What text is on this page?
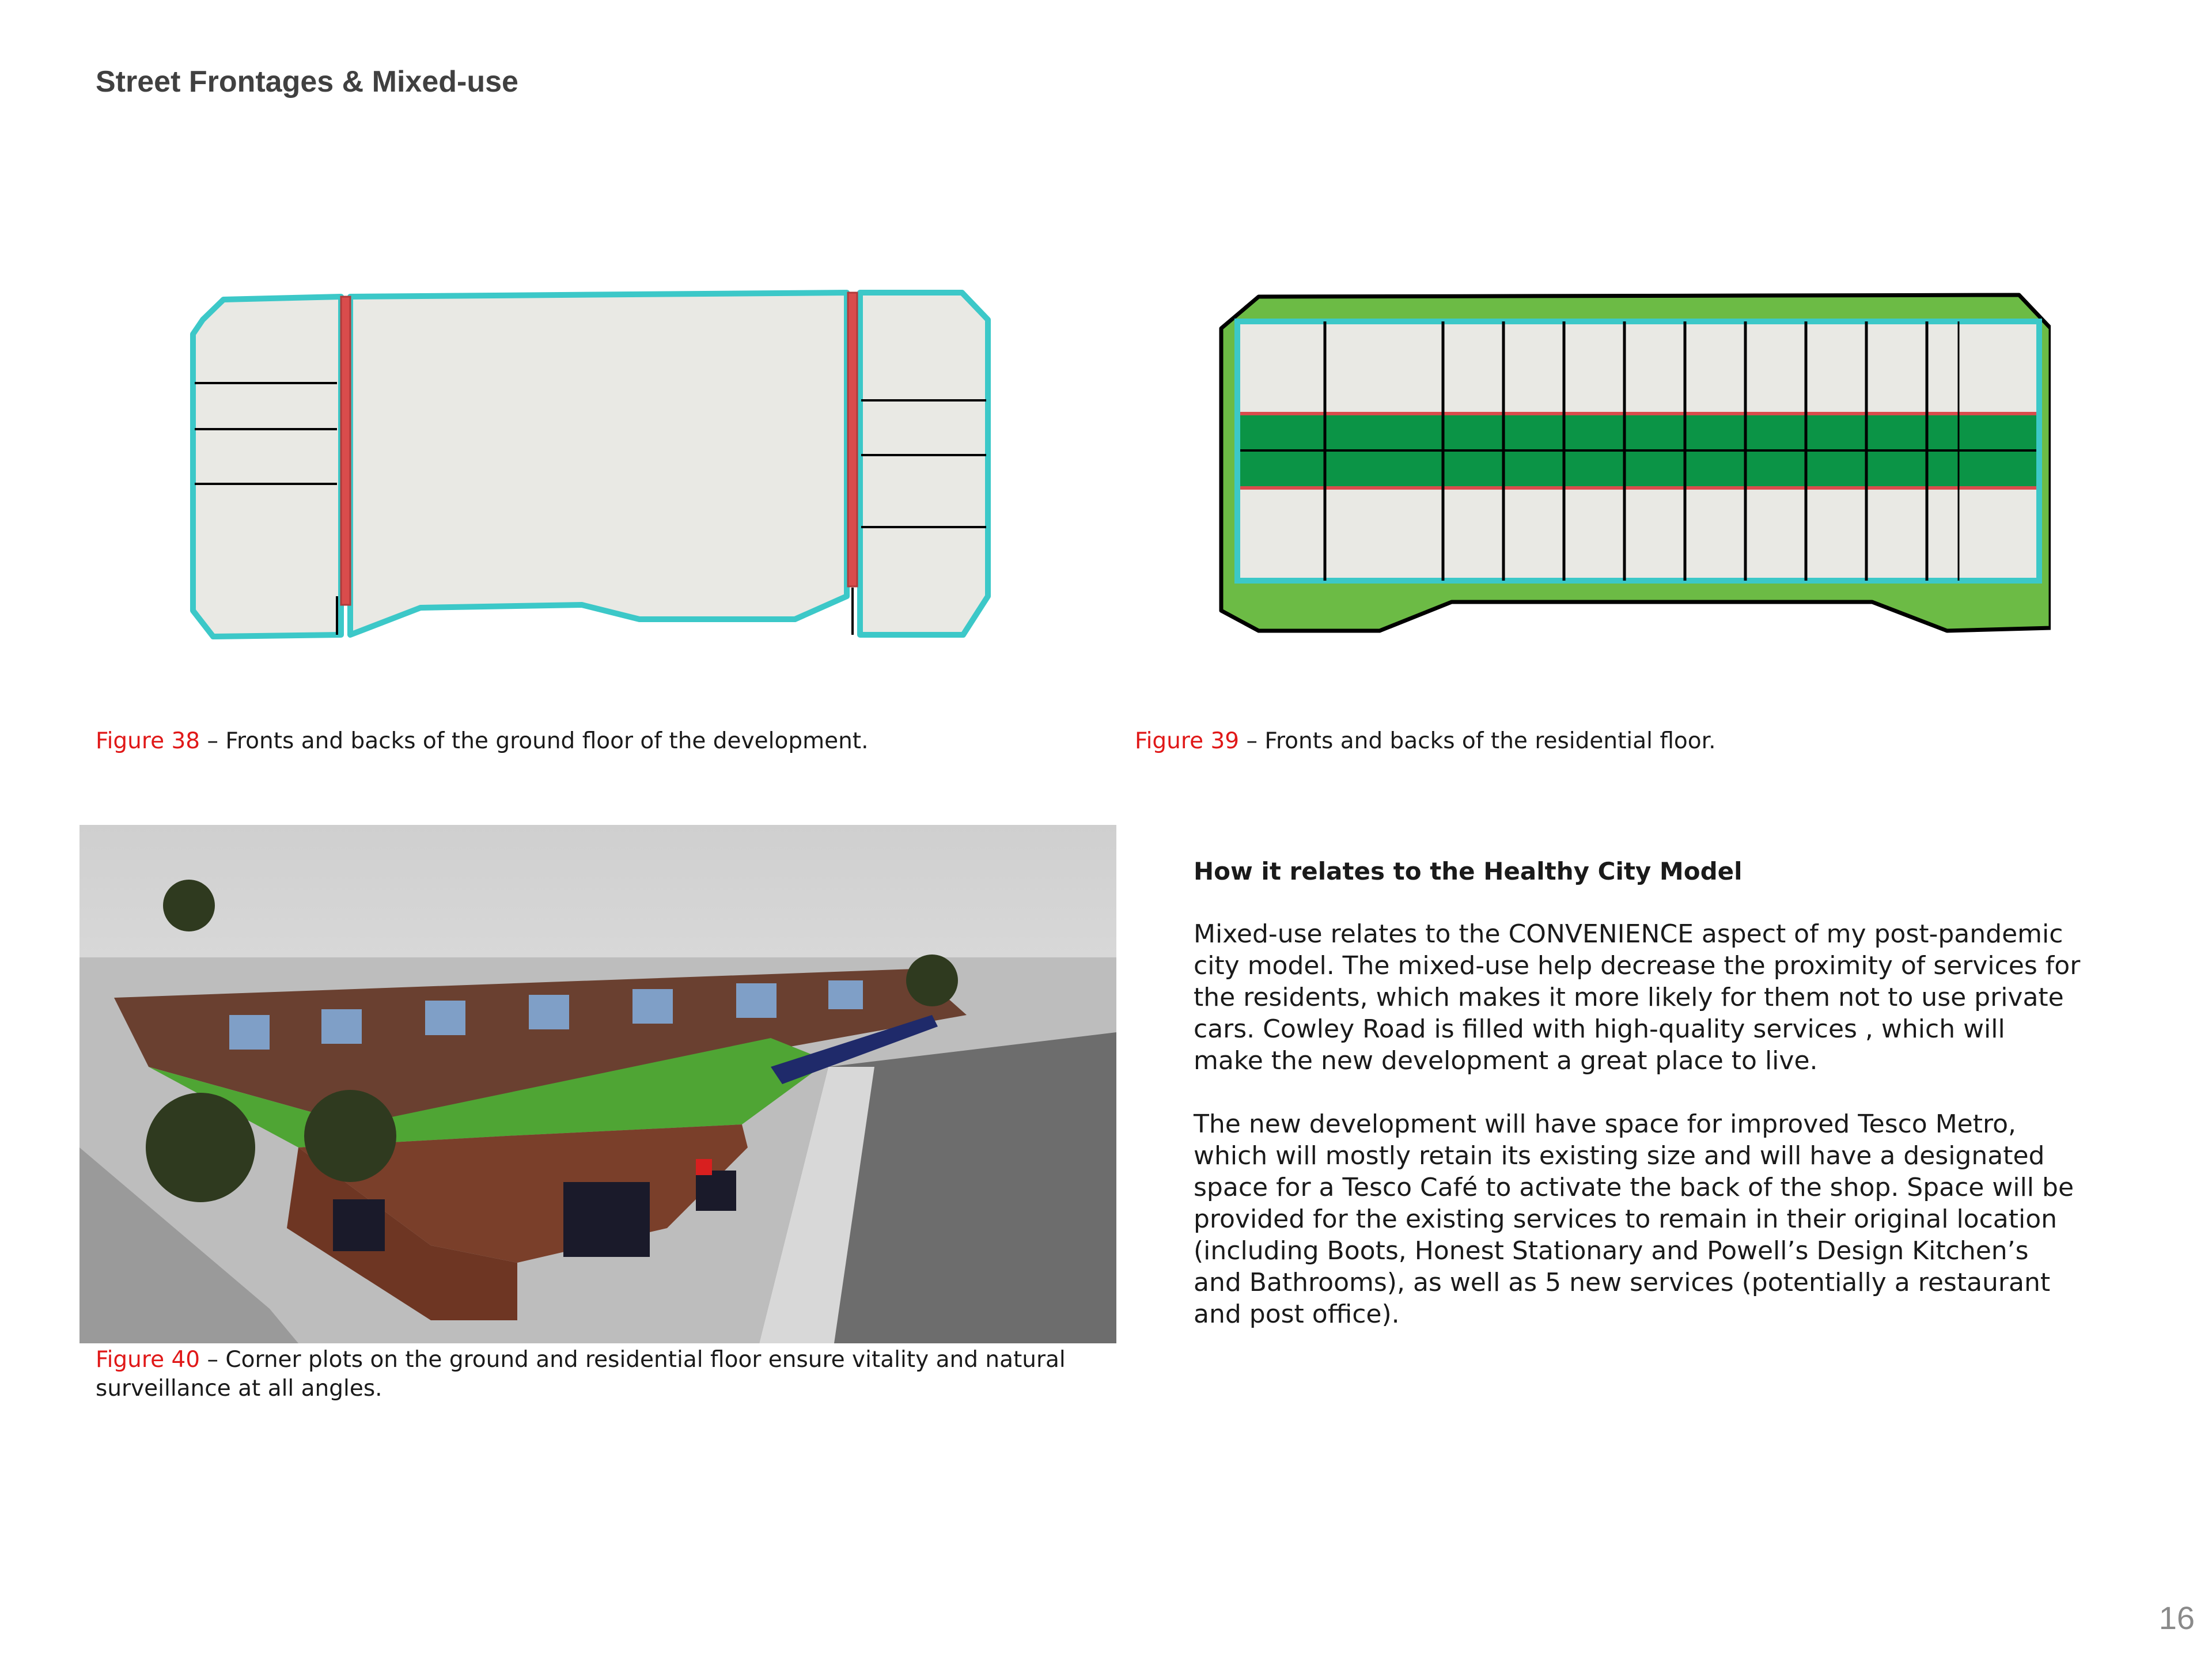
Street Frontages & Mixed-use
Figure 38 – Fronts and backs of the ground floor of the development.	Figure 39 – Fronts and backs of the residential floor.
Figure 40 – Corner plots on the ground and residential floor ensure vitality and natural surveillance at all angles.
How it relates to the Healthy City Model

Mixed-use relates to the CONVENIENCE aspect of my post-pandemic city model. The mixed-use help decrease the proximity of services for the residents, which makes it more likely for them not to use private cars. Cowley Road is filled with high-quality services , which will make the new development a great place to live.

The new development will have space for improved Tesco Metro, which will mostly retain its existing size and will have a designated space for a Tesco Café to activate the back of the shop. Space will be provided for the existing services to remain in their original location (including Boots, Honest Stationary and Powell’s Design Kitchen’s and Bathrooms), as well as 5 new services (potentially a restaurant and post office).

16
